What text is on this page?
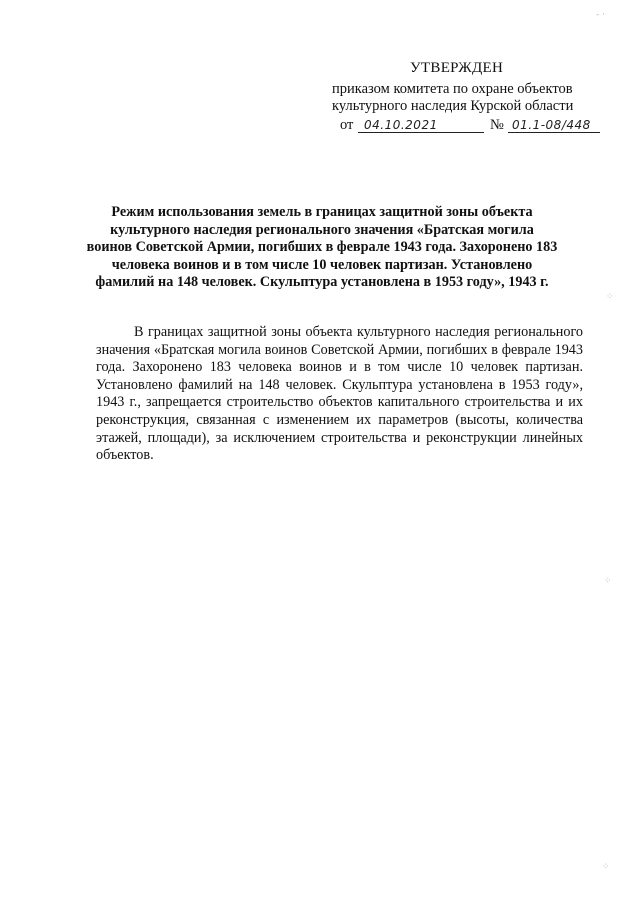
УТВЕРЖДЕН
приказом комитета по охране объектов
культурного наследия Курской области
от 04.10.2021	№ 01.1-08/448
Режим использования земель в границах защитной зоны объекта культурного наследия регионального значения «Братская могила воинов Советской Армии, погибших в феврале 1943 года. Захоронено 183 человека воинов и в том числе 10 человек партизан. Установлено фамилий на 148 человек. Скульптура установлена в 1953 году», 1943 г.
В границах защитной зоны объекта культурного наследия регионального значения «Братская могила воинов Советской Армии, погибших в феврале 1943 года. Захоронено 183 человека воинов и в том числе 10 человек партизан. Установлено фамилий на 148 человек. Скульптура установлена в 1953 году», 1943 г., запрещается строительство объектов капитального строительства и их реконструкция, связанная с изменением их параметров (высоты, количества этажей, площади), за исключением строительства и реконструкции линейных объектов.
- ·
⁘
⁘
⁘
